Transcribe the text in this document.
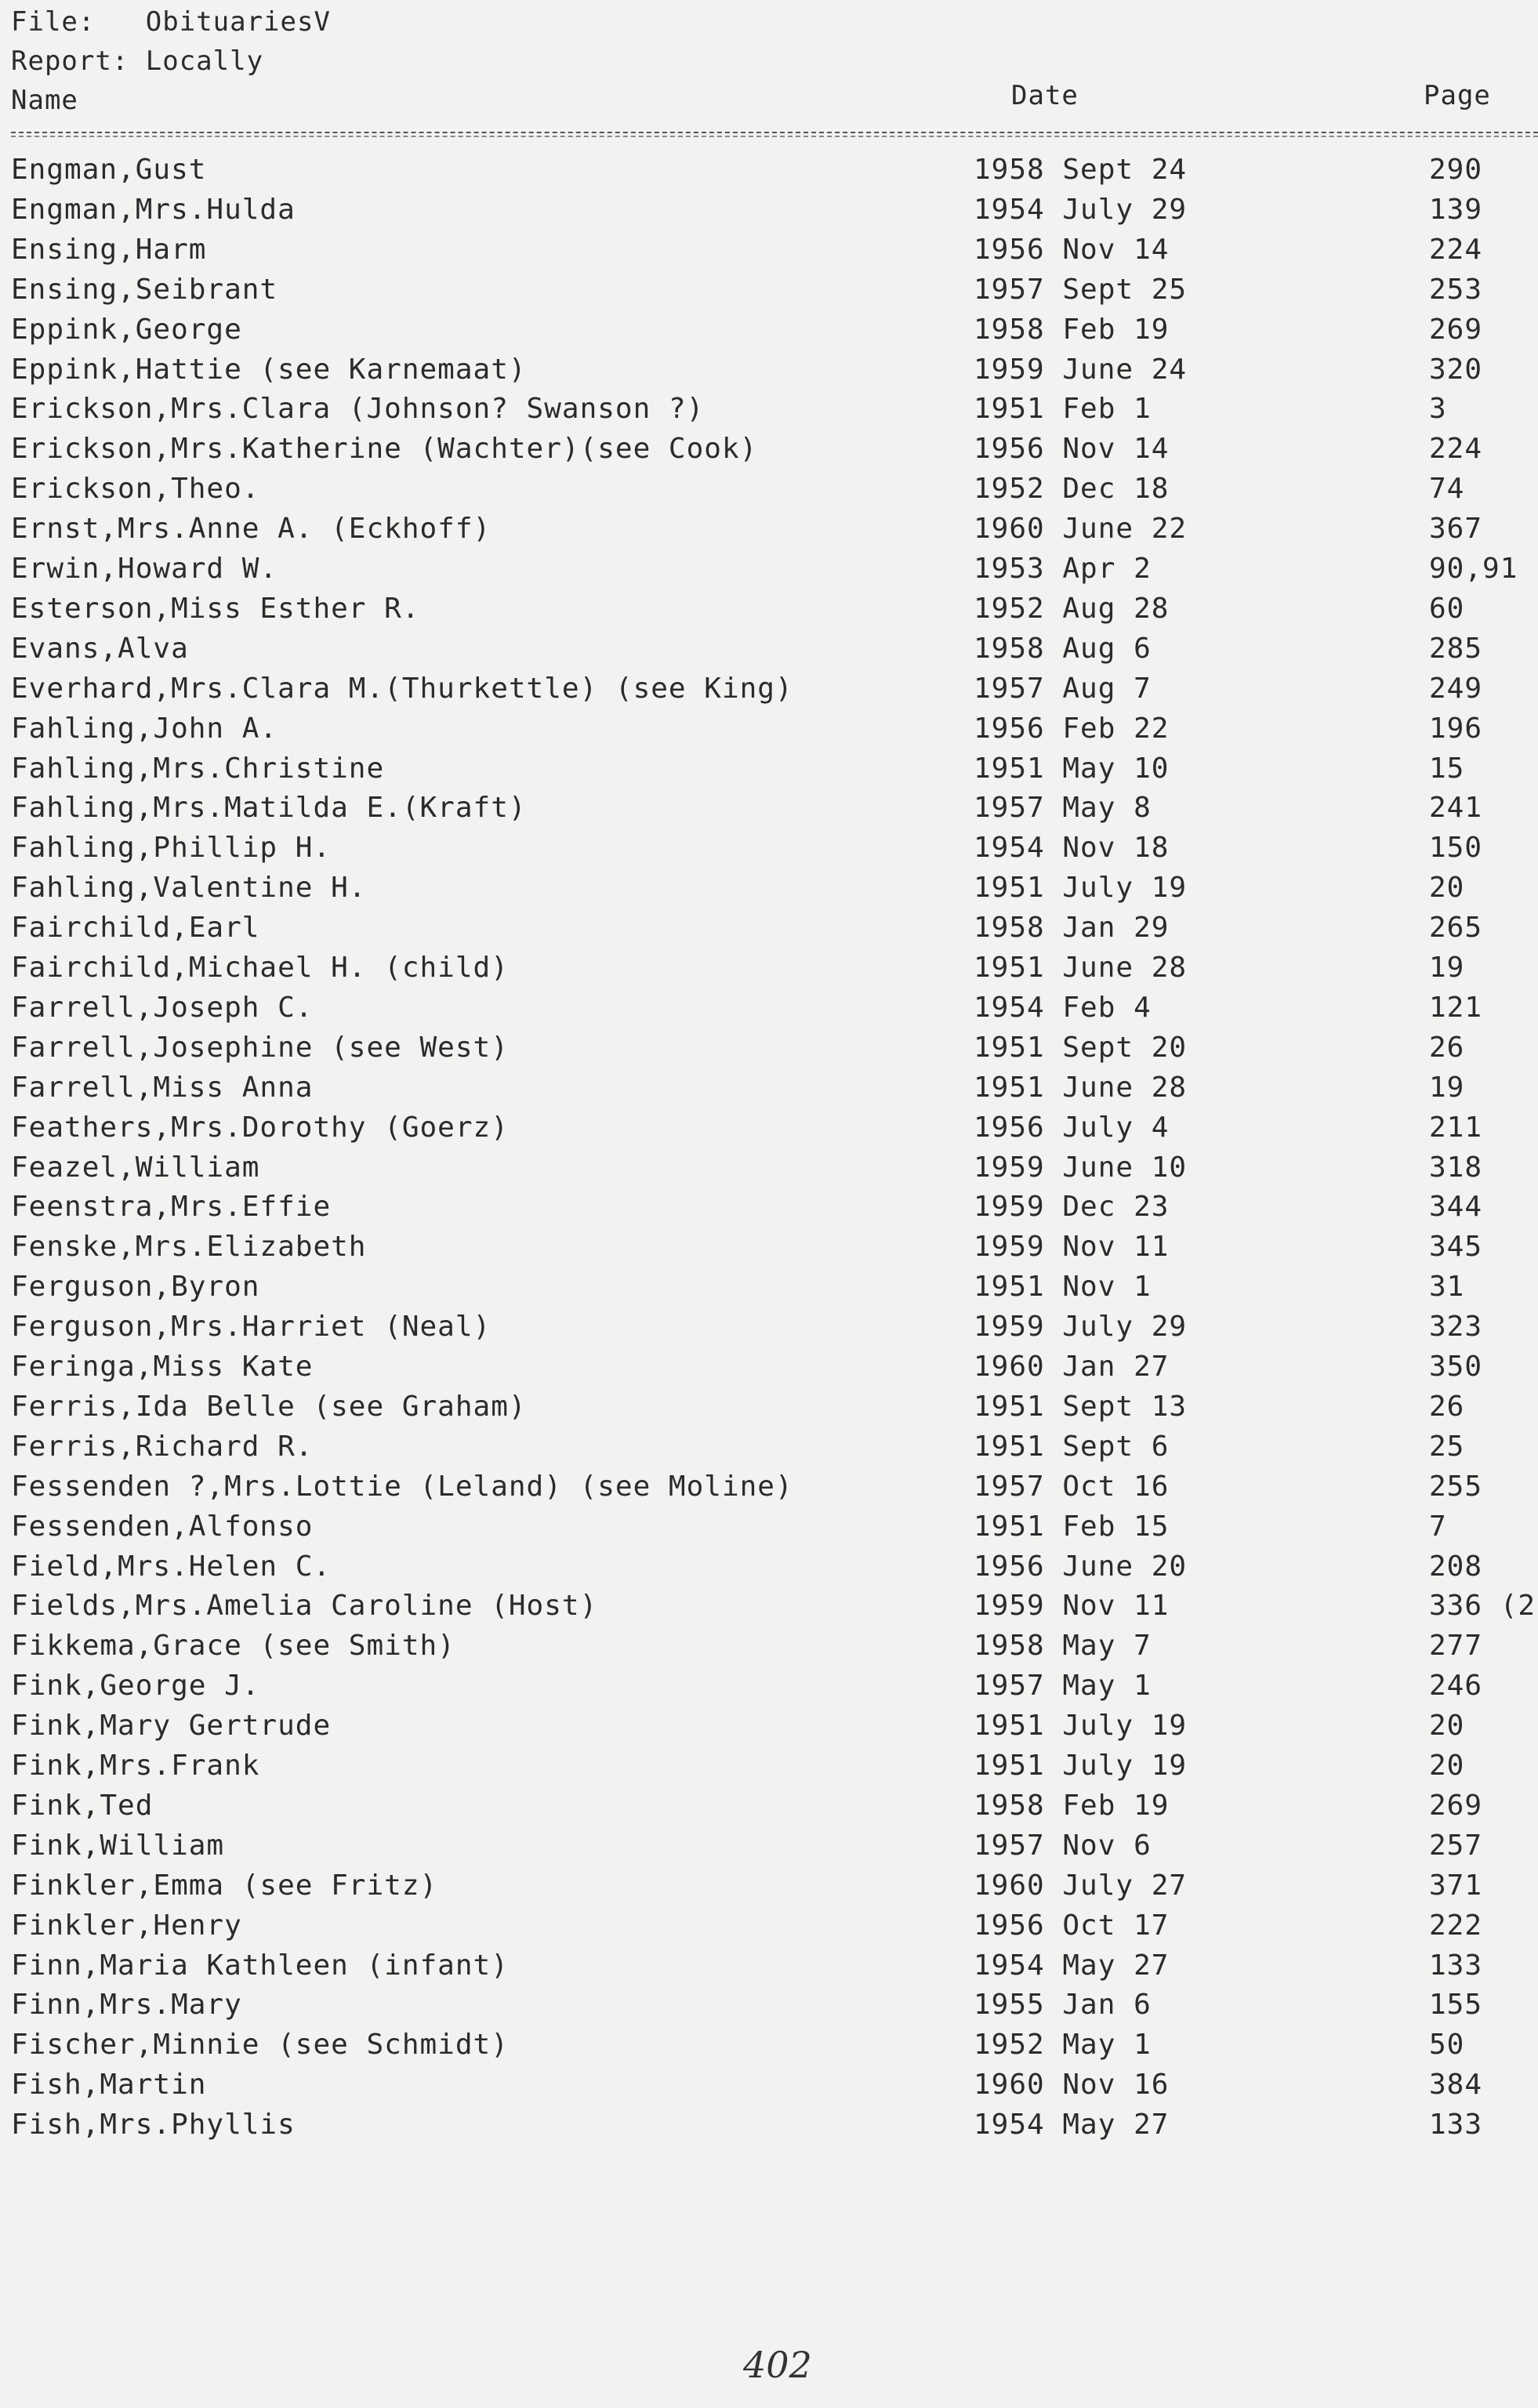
File:   ObituariesV
Report: Locally
Name	Date	Page
Engman,Gust	1958 Sept 24	290
Engman,Mrs.Hulda	1954 July 29	139
Ensing,Harm	1956 Nov 14	224
Ensing,Seibrant	1957 Sept 25	253
Eppink,George	1958 Feb 19	269
Eppink,Hattie (see Karnemaat)	1959 June 24	320
Erickson,Mrs.Clara (Johnson? Swanson ?)	1951 Feb 1	3
Erickson,Mrs.Katherine (Wachter)(see Cook)	1956 Nov 14	224
Erickson,Theo.	1952 Dec 18	74
Ernst,Mrs.Anne A. (Eckhoff)	1960 June 22	367
Erwin,Howard W.	1953 Apr 2	90,91
Esterson,Miss Esther R.	1952 Aug 28	60
Evans,Alva	1958 Aug 6	285
Everhard,Mrs.Clara M.(Thurkettle) (see King)	1957 Aug 7	249
Fahling,John A.	1956 Feb 22	196
Fahling,Mrs.Christine	1951 May 10	15
Fahling,Mrs.Matilda E.(Kraft)	1957 May 8	241
Fahling,Phillip H.	1954 Nov 18	150
Fahling,Valentine H.	1951 July 19	20
Fairchild,Earl	1958 Jan 29	265
Fairchild,Michael H. (child)	1951 June 28	19
Farrell,Joseph C.	1954 Feb 4	121
Farrell,Josephine (see West)	1951 Sept 20	26
Farrell,Miss Anna	1951 June 28	19
Feathers,Mrs.Dorothy (Goerz)	1956 July 4	211
Feazel,William	1959 June 10	318
Feenstra,Mrs.Effie	1959 Dec 23	344
Fenske,Mrs.Elizabeth	1959 Nov 11	345
Ferguson,Byron	1951 Nov 1	31
Ferguson,Mrs.Harriet (Neal)	1959 July 29	323
Feringa,Miss Kate	1960 Jan 27	350
Ferris,Ida Belle (see Graham)	1951 Sept 13	26
Ferris,Richard R.	1951 Sept 6	25
Fessenden ?,Mrs.Lottie (Leland) (see Moline)	1957 Oct 16	255
Fessenden,Alfonso	1951 Feb 15	7
Field,Mrs.Helen C.	1956 June 20	208
Fields,Mrs.Amelia Caroline (Host)	1959 Nov 11	336 (2
Fikkema,Grace (see Smith)	1958 May 7	277
Fink,George J.	1957 May 1	246
Fink,Mary Gertrude	1951 July 19	20
Fink,Mrs.Frank	1951 July 19	20
Fink,Ted	1958 Feb 19	269
Fink,William	1957 Nov 6	257
Finkler,Emma (see Fritz)	1960 July 27	371
Finkler,Henry	1956 Oct 17	222
Finn,Maria Kathleen (infant)	1954 May 27	133
Finn,Mrs.Mary	1955 Jan 6	155
Fischer,Minnie (see Schmidt)	1952 May 1	50
Fish,Martin	1960 Nov 16	384
Fish,Mrs.Phyllis	1954 May 27	133
402
